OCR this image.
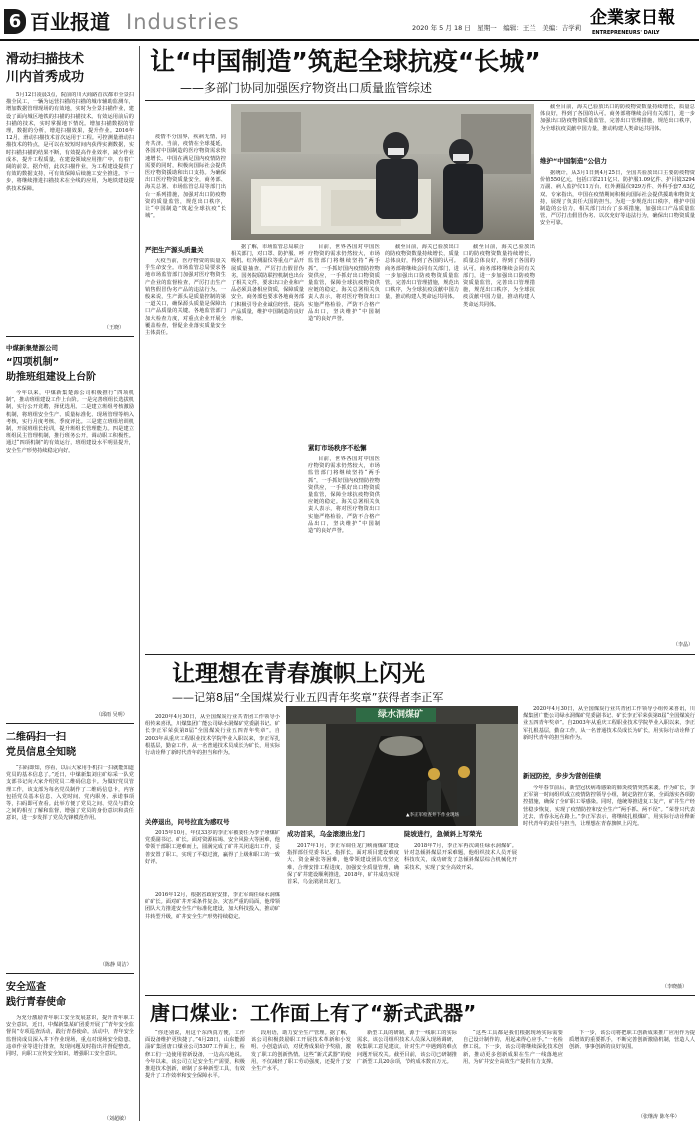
6 百业报道 Industries	2020 年 5 月 18 日　星期一　编辑：王兰　美编：吉学莉 企業家日報
ENTREPRENEURS' DAILY
滑动扫描技术
川内首秀成功

5月12日凌晨3点，院前的川大商路首次都市全景扫描全民工，一辆为运营扫描的扫描的城市辅助监测车，增加数据管理现场的有效地，实时为全景扫描作业，建设了面向城区地铁的扫描的扫描技术。有效运用前后的扫描的技术，实时掌握地下情况。增加扫描数据的管理，数据的分析，增进扫描效果，提升作业。2016年12月，滑动扫描技术首次运用于工程。可控测量滑动扫描技术的特点，是可以在较短时间内获得实测数据，实时扫描扫描的结果不断，有效提高作业效率，减少作业成本，提升工程质量，在建设领域应用推广中，有着广阔的前景。据介绍，此次扫描作业，为工程建设提供了有效的数据支持，可有效保障后续施工安全推进。下一步，将继续推进扫描技术在全线的应用，为地铁建设提供技术保障。

（王晓）
中煤新集楚源公司
“四项机制”
助推班组建设上台阶

今年以来，中煤新集楚源公司积极推行“四项机制”，推动班组建设工作上台阶。一是完善班组长选拔机制，实行公开竞聘，择优选用。二是建立班组考核激励机制，将班组安全生产、质量标准化、现场管理等纳入考核，实行月度考核、季度评比。三是建立班组培训机制，开展班组长轮训，提升班组长管理能力。四是建立班组民主管理机制，推行班务公开，调动职工积极性。通过“四项机制”的有效运行，班组建设水平明显提升，安全生产形势持续稳定向好。

（邱雨 吴明）
二维码扫一扫
党员信息全知晓

“扫码即知，你看，以后大家用手机扫一扫就能知道党员的基本信息了。”近日，中煤新集刘庄矿综采一队党支部书记向大家介绍党员二维码信息卡。为做好党员管理工作，该支部为每名党员制作了二维码信息卡，内容包括党员基本信息、入党时间、党内职务、承诺事项等，扫码即可查看。此举方便了党员之间、党员与群众之间的相互了解和监督，增强了党员的身份意识和责任意识，进一步发挥了党员先锋模范作用。

（陈静 周洁）
安全巡查
践行青春使命

为充分激励青年职工安全发展意识，提升青年职工安全意识，近日，中煤新集某矿团委开展了“青年安全监督岗”专项巡查活动，践行青春使命。活动中，青年安全监督岗成员深入井下作业现场，重点对现场安全隐患、违章作业等进行排查，发现问题及时指出并督促整改。同时，向职工宣传安全知识，增强职工安全意识。

（刘超敏）
让“中国制造”筑起全球抗疫“长城”
——多部门协同加强医疗物资出口质量监管综述

疫情不分国界，疾病无情，同舟共济。当前，疫情在全球蔓延，各国对中国制造的医疗物资需求快速增长。中国在满足国内疫情防控需要的同时，积极向国际社会提供医疗物资援助和出口支持。为确保出口医疗物资质量安全，商务部、海关总署、市场监管总局等部门出台一系列措施，加强对出口防疫物资的质量监管，规范出口秩序，让“中国制造”筑起全球抗疫“长城”。

严把生产源头质量关

大疫当前，医疗物资的质量关乎生命安全。市场监管总局要求各地市场监管部门加强对医疗物资生产企业的监督检查，严厉打击生产销售假冒伪劣产品的违法行为。一般来说，生产源头是质量控制的第一道关口，确保源头质量是保障出口产品质量的关键。各地监管部门加大检查力度，对重点企业开展全覆盖检查，督促企业落实质量安全主体责任。

据了解，市场监管总局联合相关部门，对口罩、防护服、呼吸机、红外测温仪等重点产品开展质量抽查，严厉打击假冒伪劣。国务院联防联控机制也出台了相关文件，要求出口企业和产品必须具备相应资质，保障质量安全。商务部也要求各地商务部门积极引导企业诚信经营，提高产品质量，维护中国制造的良好形象。

目前，世界各国对中国医疗物资的需求仍然较大，市场监管部门将继续坚持“两手抓”，一手抓好国内疫情防控物资供应，一手抓好出口物资质量监管，保障全球抗疫物资供应链的稳定。海关总署相关负责人表示，将对医疗物资出口实施严格检验，严防不合格产品出口，坚决维护“中国制造”的良好声誉。

紧盯市场秩序不松懈

目前，世界各国对中国医疗物资的需求仍然较大，市场监管部门将继续坚持“两手抓”，一手抓好国内疫情防控物资供应，一手抓好出口物资质量监管，保障全球抗疫物资供应链的稳定。海关总署相关负责人表示，将对医疗物资出口实施严格检验，严防不合格产品出口，坚决维护“中国制造”的良好声誉。

截至目前，海关已验放出口的防疫物资数量持续增长，质量总体良好，得到了各国的认可。商务部将继续会同有关部门，进一步加强出口防疫物资质量监管，完善出口管理措施，规范出口秩序，为全球抗疫贡献中国力量，推动构建人类命运共同体。

截至目前，海关已验放出口的防疫物资数量持续增长，质量总体良好，得到了各国的认可。商务部将继续会同有关部门，进一步加强出口防疫物资质量监管，完善出口管理措施，规范出口秩序，为全球抗疫贡献中国力量，推动构建人类命运共同体。

截至目前，海关已验放出口的防疫物资数量持续增长，质量总体良好，得到了各国的认可。商务部将继续会同有关部门，进一步加强出口防疫物资质量监管，完善出口管理措施，规范出口秩序，为全球抗疫贡献中国力量，推动构建人类命运共同体。

维护“中国制造”公信力

据统计，从3月1日到4月25日，全国共验放出口主要防疫物资价值550亿元，包括口罩211亿只、防护服1.09亿件、护目镜3294万副、病人监护仪11万台、红外测温仪929万件、外科手套7.63亿双。专家指出，中国在疫情期间积极向国际社会提供援助和物资支持，展现了负责任大国的担当。为进一步规范出口秩序，维护中国制造的公信力，相关部门出台了多项措施，加强出口产品质量监管，严厉打击假冒伪劣、以次充好等违法行为，确保出口物资质量安全可靠。

（李晶）
让理想在青春旗帜上闪光
——记第8届“全国煤炭行业五四青年奖章”获得者李正军

2020年4月30日，从全国煤炭行业共青团工作领导小组传来喜讯，川煤集团广能公司绿水洞煤矿党委副书记、矿长李正军荣获第8届“全国煤炭行业五四青年奖章”。自2003年从重庆工程职业技术学院毕业入职以来，李正军扎根基层，勤奋工作，从一名普通技术员成长为矿长，用实际行动诠释了新时代青年的担当和作为。

绿水洞煤矿
▲李正军检查井下作业现场
关停退出，问号拉直为感叹号

2015年10月，年仅33岁的李正军被委任为李子垭煤矿党委副书记、矿长。面对资源枯竭、安全风险大等困难，他带领干部职工迎难而上，圆满完成了矿井关闭退出工作，妥善安置了职工，实现了平稳过渡，赢得了上级和职工的一致好评。

2016年12月，根据省政府安排，李正军调任绿水洞煤矿矿长。面对矿井开采条件复杂、灾害严重的局面，他带领团队大力推进安全生产标准化建设，加大科技投入，推动矿井转型升级，矿井安全生产形势持续稳定。

成功首采，乌金滚滚出龙门

2017年1月，李正军调任龙门峡南煤矿建设指挥部任党委书记、指挥长。面对项目建设难度大、资金紧张等困难，他带领建设团队攻坚克难，合理安排工程进度，加强安全质量管理，确保了矿井建设顺利推进，2018年，矿井成功实现首采，乌金滚滚出龙门。

陡坡进行，急倾斜上写荣光

2018年7月，李正军再次调任绿水洞煤矿。针对急倾斜煤层开采难题，他组织技术人员开展科技攻关，成功研发了急倾斜煤层综合机械化开采技术，实现了安全高效开采。

2020年4月30日，从全国煤炭行业共青团工作领导小组传来喜讯，川煤集团广能公司绿水洞煤矿党委副书记、矿长李正军荣获第8届“全国煤炭行业五四青年奖章”。自2003年从重庆工程职业技术学院毕业入职以来，李正军扎根基层，勤奋工作，从一名普通技术员成长为矿长，用实际行动诠释了新时代青年的担当和作为。

新冠防控，步步为营创佳绩

今年春节前后，新型冠状病毒感染的肺炎疫情突然来袭。作为矿长，李正军第一时间组织成立疫情防控领导小组，制定防控方案，全面落实各项防控措施，确保了全矿职工零感染。同时，他统筹推进复工复产，矿井生产经营稳步恢复，实现了疫情防控和安全生产“两手抓、两不误”。“荣誉只代表过去，青春永远在路上。”李正军表示，将继续扎根煤矿，用实际行动诠释新时代青年的责任与担当，让理想在青春旗帜上闪光。

（李晓薇）
唐口煤业：工作面上有了“新式武器”

“你还别说，用这个东西真方便，工作面设备维护更快捷了。”4月28日，山东能源淄矿集团唐口煤业公司5307工作面上，检修工们一边使用着新设备，一边高兴地说。今年以来，该公司立足安全生产需要，积极推进技术创新，研制了多种新型工具，有效提升了工作效率和安全保障水平。

段用语，助力安全生产管理。据了解，该公司积极鼓励职工开展技术革新和小发明、小创造活动，对优秀成果给予奖励，激发了职工的创新热情。这些“新式武器”的使用，不仅减轻了职工劳动强度，还提升了安全生产水平。

新型工具的研制，源于一线职工的实际需求。该公司组织技术人员深入现场调研，收集职工意见建议，针对生产中遇到的难点问题开展攻关。截至目前，该公司已研制推广新型工具20余项，节约成本数百万元。

“这些工具都是我们根据现场实际需要自己设计制作的，用起来得心应手。”一名检修工说。下一步，该公司将继续深化技术创新，推动更多创新成果在生产一线落地应用，为矿井安全高效生产提供有力支撑。

下一步，该公司将把职工创新成果推广应用作为提质增效的重要抓手，不断完善创新激励机制，营造人人创新、事事创新的良好氛围。

（张继涛 陈冬华）
